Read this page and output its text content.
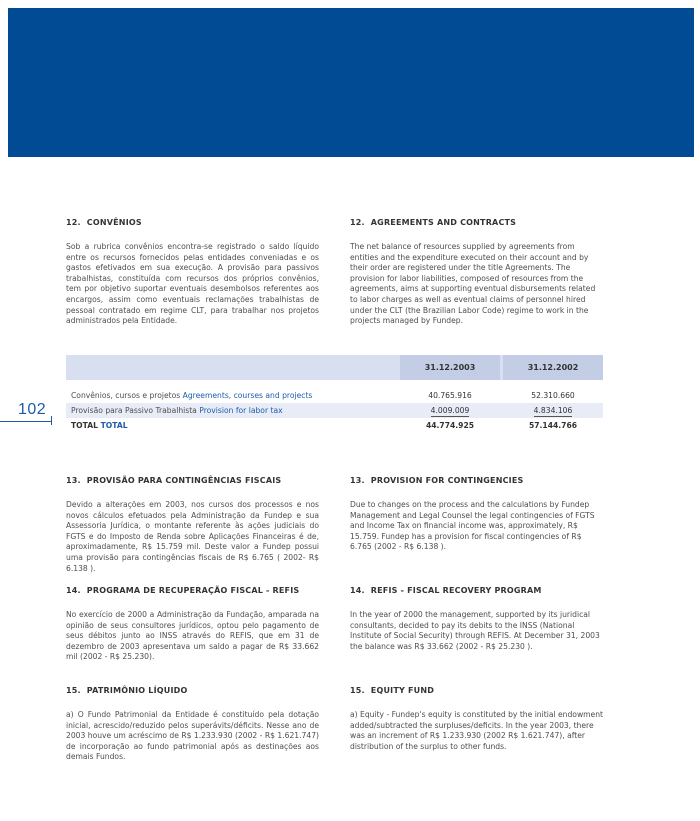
102
12. CONVÊNIOS

Sob a rubrica convênios encontra-se registrado o saldo líquido entre os recursos fornecidos pelas entidades conveniadas e os gastos efetivados em sua execução. A provisão para passivos trabalhistas, constituída com recursos dos próprios convênios, tem por objetivo suportar eventuais desembolsos referentes aos encargos, assim como eventuais reclamações trabalhistas de pessoal contratado em regime CLT, para trabalhar nos projetos administrados pela Entidade.

12. AGREEMENTS AND CONTRACTS

The net balance of resources supplied by agreements from entities and the expenditure executed on their account and by their order are registered under the title Agreements. The provision for labor liabilities, composed of resources from the agreements, aims at supporting eventual disbursements related to labor charges as well as eventual claims of personnel hired under the CLT (the Brazilian Labor Code) regime to work in the projects managed by Fundep.

31.12.2003	31.12.2002
Convênios, cursos e projetos Agreements, courses and projects	40.765.916	52.310.660
Provisão para Passivo Trabalhista Provision for labor tax	4.009.009	4.834.106
TOTAL TOTAL	44.774.925	57.144.766
13. PROVISÃO PARA CONTINGÊNCIAS FISCAIS

Devido a alterações em 2003, nos cursos dos processos e nos novos cálculos efetuados pela Administração da Fundep e sua Assessoria Jurídica, o montante referente às ações judiciais do FGTS e do Imposto de Renda sobre Aplicações Financeiras é de, aproximadamente, R$ 15.759 mil. Deste valor a Fundep possui uma provisão para contingências fiscais de R$ 6.765 ( 2002- R$ 6.138 ).

13. PROVISION FOR CONTINGENCIES

Due to changes on the process and the calculations by Fundep Management and Legal Counsel the legal contingencies of FGTS and Income Tax on financial income was, approximately, R$ 15.759. Fundep has a provision for fiscal contingencies of R$ 6.765 (2002 - R$ 6.138 ).

14. PROGRAMA DE RECUPERAÇÃO FISCAL - REFIS

No exercício de 2000 a Administração da Fundação, amparada na opinião de seus consultores jurídicos, optou pelo pagamento de seus débitos junto ao INSS através do REFIS, que em 31 de dezembro de 2003 apresentava um saldo a pagar de R$ 33.662 mil (2002 - R$ 25.230).

14. REFIS - FISCAL RECOVERY PROGRAM

In the year of 2000 the management, supported by its juridical consultants, decided to pay its debits to the INSS (National Institute of Social Security) through REFIS. At December 31, 2003 the balance was R$ 33.662 (2002 - R$ 25.230 ).

15. PATRIMÔNIO LÍQUIDO

a) O Fundo Patrimonial da Entidade é constituído pela dotação inicial, acrescido/reduzido pelos superávits/déficits. Nesse ano de 2003 houve um acréscimo de R$ 1.233.930 (2002 - R$ 1.621.747) de incorporação ao fundo patrimonial após as destinações aos demais Fundos.

15. EQUITY FUND

a) Equity - Fundep's equity is constituted by the initial endowment added/subtracted the surpluses/deficits. In the year 2003, there was an increment of R$ 1.233.930 (2002 R$ 1.621.747), after distribution of the surplus to other funds.
